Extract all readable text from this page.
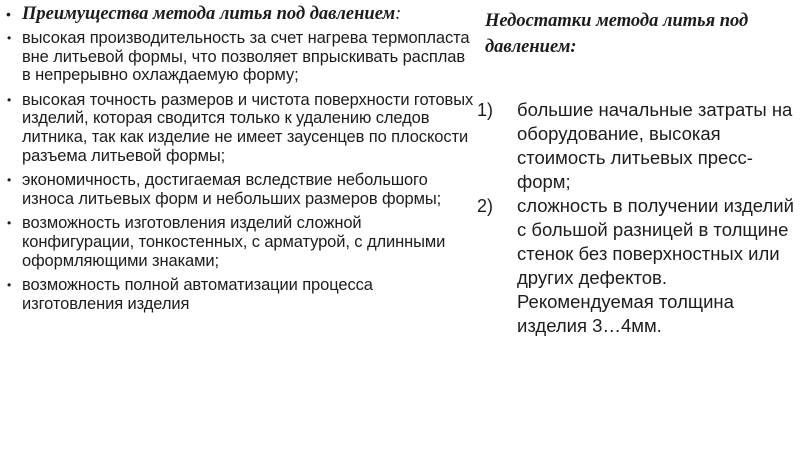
• Преимущества метода литья под давлением:
• высокая производительность за счет нагрева термопласта вне литьевой формы, что позволяет впрыскивать расплав в непрерывно охлаждаемую форму;
• высокая точность размеров и чистота поверхности готовых изделий, которая сводится только к удалению следов литника, так как изделие не имеет заусенцев по плоскости разъема литьевой формы;
• экономичность, достигаемая вследствие небольшого износа литьевых форм и небольших размеров формы;
• возможность изготовления изделий сложной конфигурации, тонкостенных, с арматурой, с длинными оформляющими знаками;
• возможность полной автоматизации процесса изготовления изделия
Недостатки метода литья под давлением:
1) большие начальные затраты на оборудование, высокая стоимость литьевых пресс-форм;
2) сложность в получении изделий с большой разницей в толщине стенок без поверхностных или других дефектов. Рекомендуемая толщина изделия 3…4мм.
